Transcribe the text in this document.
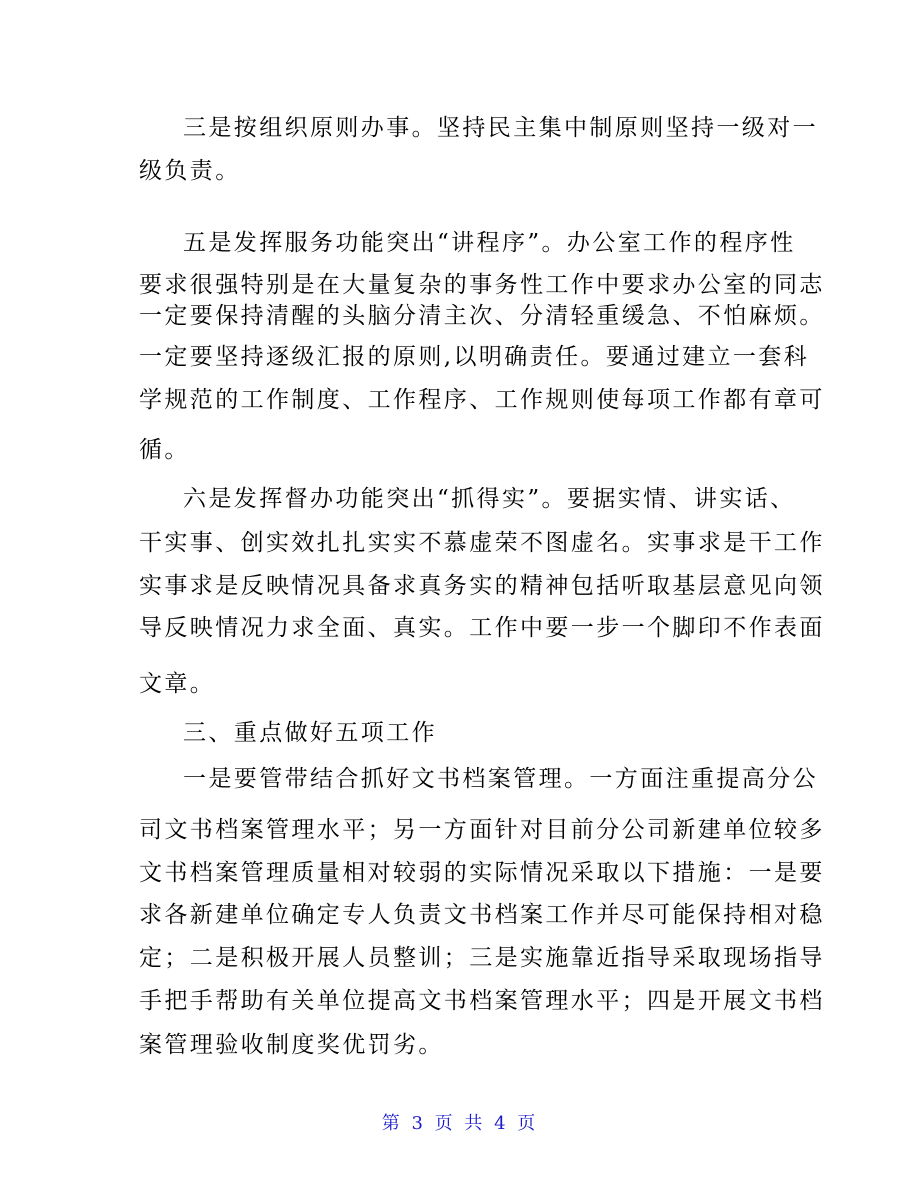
三是按组织原则办事。坚持民主集中制原则坚持一级对一
级负责。
五是发挥服务功能突出“讲程序”。办公室工作的程序性
要求很强特别是在大量复杂的事务性工作中要求办公室的同志
一定要保持清醒的头脑分清主次、分清轻重缓急、不怕麻烦。
一定要坚持逐级汇报的原则,以明确责任。要通过建立一套科
学规范的工作制度、工作程序、工作规则使每项工作都有章可
循。
六是发挥督办功能突出“抓得实”。要据实情、讲实话、
干实事、创实效扎扎实实不慕虚荣不图虚名。实事求是干工作
实事求是反映情况具备求真务实的精神包括听取基层意见向领
导反映情况力求全面、真实。工作中要一步一个脚印不作表面
文章。
三、重点做好五项工作
一是要管带结合抓好文书档案管理。一方面注重提高分公
司文书档案管理水平；另一方面针对目前分公司新建单位较多
文书档案管理质量相对较弱的实际情况采取以下措施：一是要
求各新建单位确定专人负责文书档案工作并尽可能保持相对稳
定；二是积极开展人员整训；三是实施靠近指导采取现场指导
手把手帮助有关单位提高文书档案管理水平；四是开展文书档
案管理验收制度奖优罚劣。
第 3 页 共 4 页
